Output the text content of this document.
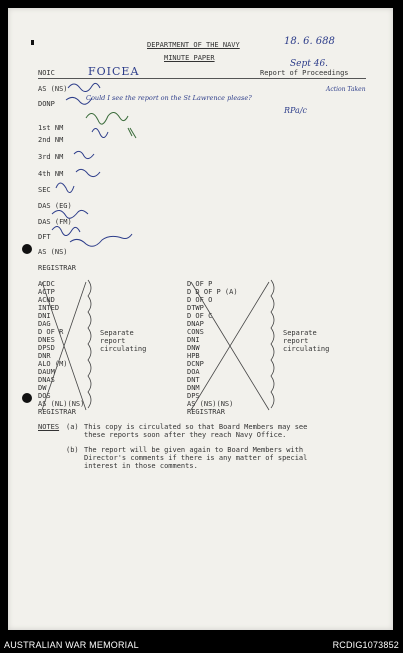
DEPARTMENT OF THE NAVY
MINUTE PAPER
NOIC	Report of Proceedings
18. 6. 688
Sept 46.
FOICEA
Action Taken
Could I see the report on the St Lawrence please?
RPa/c
AS (NS)
DONP
1st NM
2nd NM
3rd NM
4th NM
SEC
DAS (EG)
DAS (FM)
DFT
AS (NS)
REGISTRAR
ACDC
ACTP
ACND
INTED
DNI
DAG
D OF R
DNES
DPSD
DNR
ALO (M)
DAUM
DNAS
DW
DOS
AS (NL)(NS)
REGISTRAR
Separate
report
circulating
D OF P
D D OF P (A)
D OF O
DTWP
D OF C
DNAP
CONS
DNI
DNW
HPB
DCNP
DOA
DNT
DNM
DPS
AS (NS)(NS)
REGISTRAR
Separate
report
circulating
NOTES (a) This copy is circulated so that Board Members may see
these reports soon after they reach Navy Office.
(b) The report will be given again to Board Members with
Director's comments if there is any matter of special
interest in those comments.
AUSTRALIAN WAR MEMORIAL	RCDIG1073852
